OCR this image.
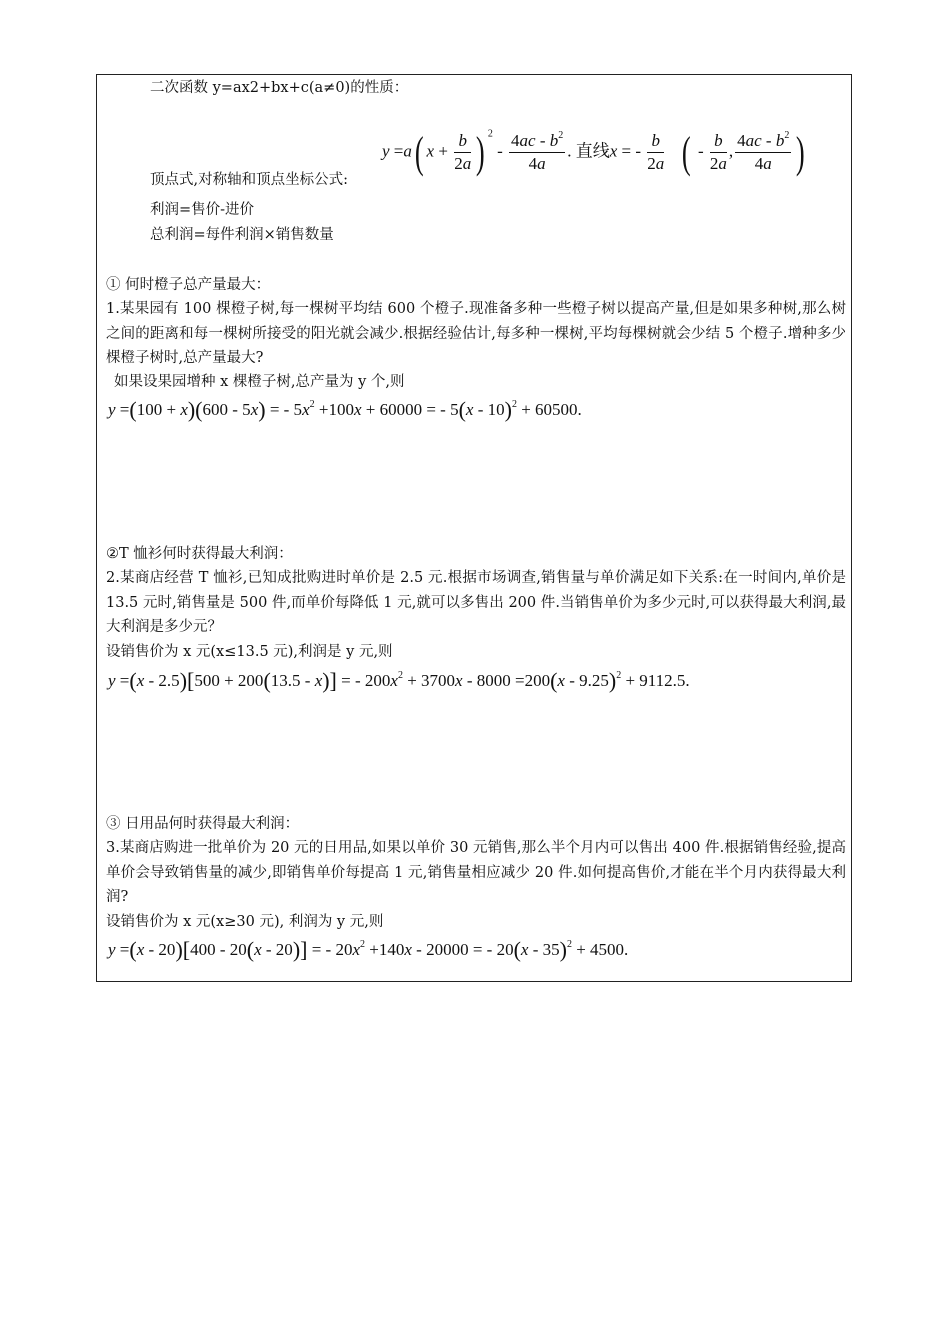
二次函数 y=ax2+bx+c(a≠0)的性质：
顶点式,对称轴和顶点坐标公式:
y =a( $x + \frac{b}{2a}$ ) $^2 - \frac{4ac - b^2}{4a}$ . 直线x = - $\frac{b}{2a}$ ( - $\frac{b}{2a}$ , $\frac{4ac - b^2}{4a}$ )
利润=售价-进价
总利润=每件利润×销售数量
① 何时橙子总产量最大：
1.某果园有 100 棵橙子树,每一棵树平均结 600 个橙子.现准备多种一些橙子树以提高产量,但是如果多种树,那么树之间的距离和每一棵树所接受的阳光就会减少.根据经验估计,每多种一棵树,平均每棵树就会少结 5 个橙子.增种多少棵橙子树时,总产量最大?
如果设果园增种 x 棵橙子树,总产量为 y 个,则
y =(100 + x)(600 - 5x) = - $5x^2 +100x + 60000$ = - 5(x - 10)$^2$ + 60500.
②T 恤衫何时获得最大利润：
2.某商店经营 T 恤衫,已知成批购进时单价是 2.5 元.根据市场调查,销售量与单价满足如下关系:在一时间内,单价是 13.5 元时,销售量是 500 件,而单价每降低 1 元,就可以多售出 200 件.当销售单价为多少元时,可以获得最大利润,最大利润是多少元？
设销售价为 x 元(x≤13.5 元),利润是 y 元,则
y =(x - 2.5)[500 + 200(13.5 - x)] = - $200x^2 + 3700x - 8000 =200(x - 9.25)^2 + 9112.5$.
③ 日用品何时获得最大利润：
3.某商店购进一批单价为 20 元的日用品,如果以单价 30 元销售,那么半个月内可以售出 400 件.根据销售经验,提高单价会导致销售量的减少,即销售单价每提高 1 元,销售量相应减少 20 件.如何提高售价,才能在半个月内获得最大利润?
设销售价为 x 元(x≥30 元), 利润为 y 元,则
y =(x - 20)[400 - 20(x - 20)] = - $20x^2 +140x - 20000$ = - 20(x - 35)$^2$ + 4500.
